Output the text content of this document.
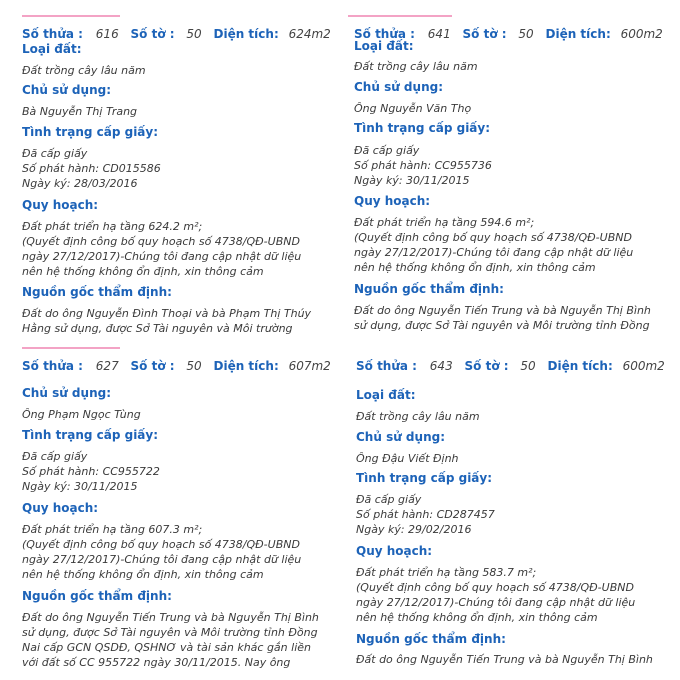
Số thửa : 616 Số tờ : 50 Diện tích: 624m2
Loại đất:
Đất trồng cây lâu năm
Chủ sử dụng:
Bà Nguyễn Thị Trang
Tình trạng cấp giấy:
Đã cấp giấy
Số phát hành: CD015586
Ngày ký: 28/03/2016
Quy hoạch:
Đất phát triển hạ tầng 624.2 m²;
(Quyết định công bố quy hoạch số 4738/QĐ-UBND
ngày 27/12/2017)-Chúng tôi đang cập nhật dữ liệu
nên hệ thống không ổn định, xin thông cảm
Nguồn gốc thẩm định:
Đất do ông Nguyễn Đình Thoại và bà Phạm Thị Thúy
Hằng sử dụng, được Sở Tài nguyên và Môi trường
Số thửa : 641 Số tờ : 50 Diện tích: 600m2
Loại đất:
Đất trồng cây lâu năm
Chủ sử dụng:
Ông Nguyễn Văn Thọ
Tình trạng cấp giấy:
Đã cấp giấy
Số phát hành: CC955736
Ngày ký: 30/11/2015
Quy hoạch:
Đất phát triển hạ tầng 594.6 m²;
(Quyết định công bố quy hoạch số 4738/QĐ-UBND
ngày 27/12/2017)-Chúng tôi đang cập nhật dữ liệu
nên hệ thống không ổn định, xin thông cảm
Nguồn gốc thẩm định:
Đất do ông Nguyễn Tiến Trung và bà Nguyễn Thị Bình
sử dụng, được Sở Tài nguyên và Môi trường tỉnh Đồng
Số thửa : 627 Số tờ : 50 Diện tích: 607m2
Chủ sử dụng:
Ông Phạm Ngọc Tùng
Tình trạng cấp giấy:
Đã cấp giấy
Số phát hành: CC955722
Ngày ký: 30/11/2015
Quy hoạch:
Đất phát triển hạ tầng 607.3 m²;
(Quyết định công bố quy hoạch số 4738/QĐ-UBND
ngày 27/12/2017)-Chúng tôi đang cập nhật dữ liệu
nên hệ thống không ổn định, xin thông cảm
Nguồn gốc thẩm định:
Đất do ông Nguyễn Tiến Trung và bà Nguyễn Thị Bình
sử dụng, được Sở Tài nguyên và Môi trường tỉnh Đồng
Nai cấp GCN QSDĐ, QSHNƠ và tài sản khác gắn liền
với đất số CC 955722 ngày 30/11/2015. Nay ông
Số thửa : 643 Số tờ : 50 Diện tích: 600m2
Loại đất:
Đất trồng cây lâu năm
Chủ sử dụng:
Ông Đậu Viết Định
Tình trạng cấp giấy:
Đã cấp giấy
Số phát hành: CD287457
Ngày ký: 29/02/2016
Quy hoạch:
Đất phát triển hạ tầng 583.7 m²;
(Quyết định công bố quy hoạch số 4738/QĐ-UBND
ngày 27/12/2017)-Chúng tôi đang cập nhật dữ liệu
nên hệ thống không ổn định, xin thông cảm
Nguồn gốc thẩm định:
Đất do ông Nguyễn Tiến Trung và bà Nguyễn Thị Bình
